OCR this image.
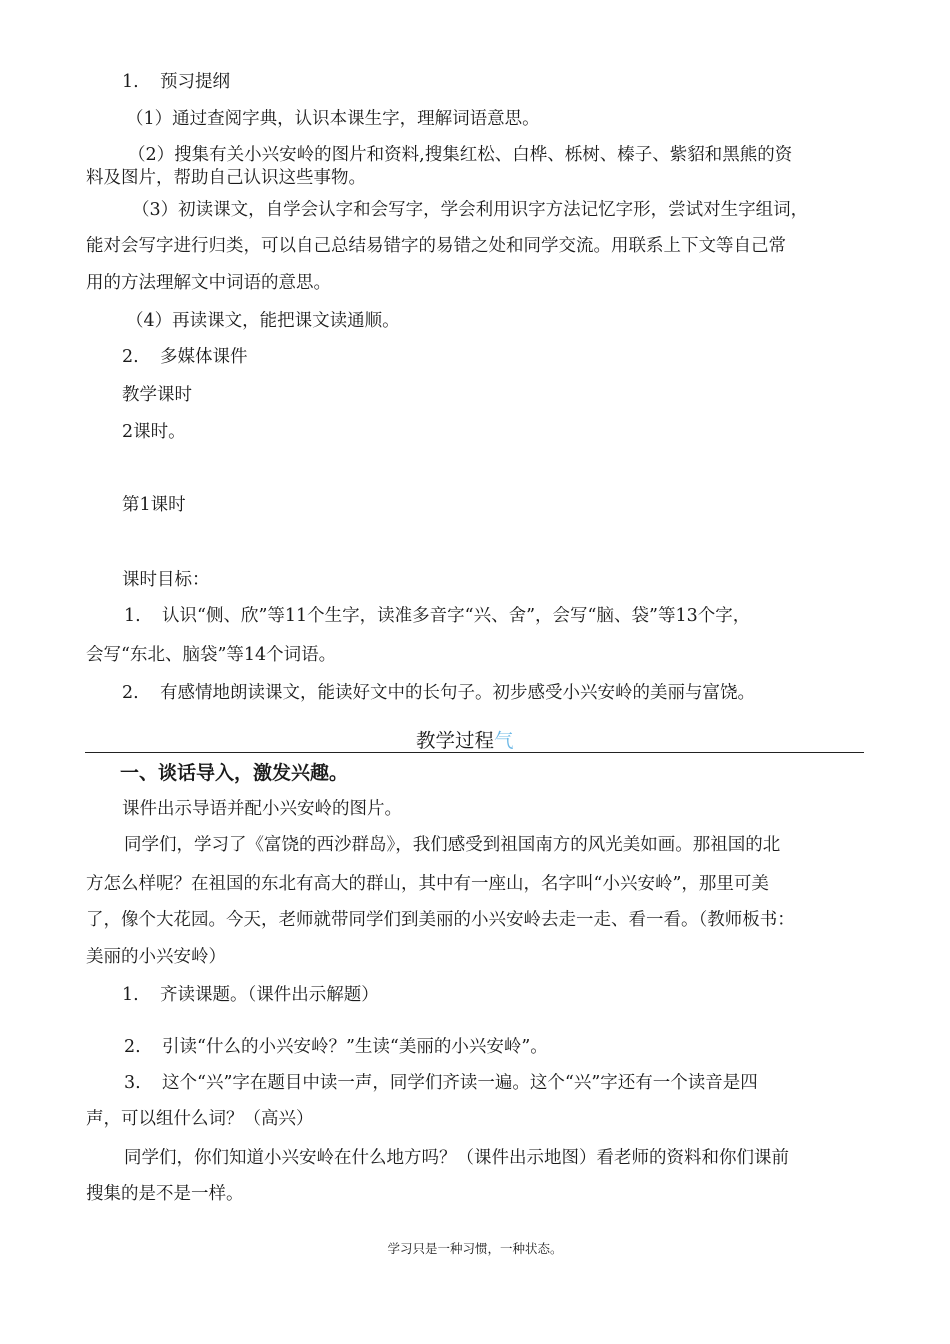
1. 预习提纲
（1）通过查阅字典，认识本课生字，理解词语意思。
（2）搜集有关小兴安岭的图片和资料,搜集红松、白桦、栎树、榛子、紫貂和黑熊的资
料及图片，帮助自己认识这些事物。
（3）初读课文，自学会认字和会写字，学会利用识字方法记忆字形，尝试对生字组词，
能对会写字进行归类，可以自己总结易错字的易错之处和同学交流。用联系上下文等自己常
用的方法理解文中词语的意思。
（4）再读课文，能把课文读通顺。
2. 多媒体课件
教学课时
2课时。
第1课时
课时目标：
1. 认识“侧、欣”等11个生字，读准多音字“兴、舍”，会写“脑、袋”等13个字，
会写“东北、脑袋”等14个词语。
2. 有感情地朗读课文，能读好文中的长句子。初步感受小兴安岭的美丽与富饶。
教学过程气
一、谈话导入，激发兴趣。
课件出示导语并配小兴安岭的图片。
同学们，学习了《富饶的西沙群岛》，我们感受到祖国南方的风光美如画。那祖国的北
方怎么样呢？在祖国的东北有高大的群山，其中有一座山，名字叫“小兴安岭”，那里可美
了，像个大花园。今天，老师就带同学们到美丽的小兴安岭去走一走、看一看。（教师板书：
美丽的小兴安岭）
1. 齐读课题。（课件出示解题）
2. 引读“什么的小兴安岭？”生读“美丽的小兴安岭”。
3. 这个“兴”字在题目中读一声，同学们齐读一遍。这个“兴”字还有一个读音是四
声，可以组什么词？（高兴）
同学们，你们知道小兴安岭在什么地方吗？（课件出示地图）看老师的资料和你们课前
搜集的是不是一样。
学习只是一种习惯，一种状态。
